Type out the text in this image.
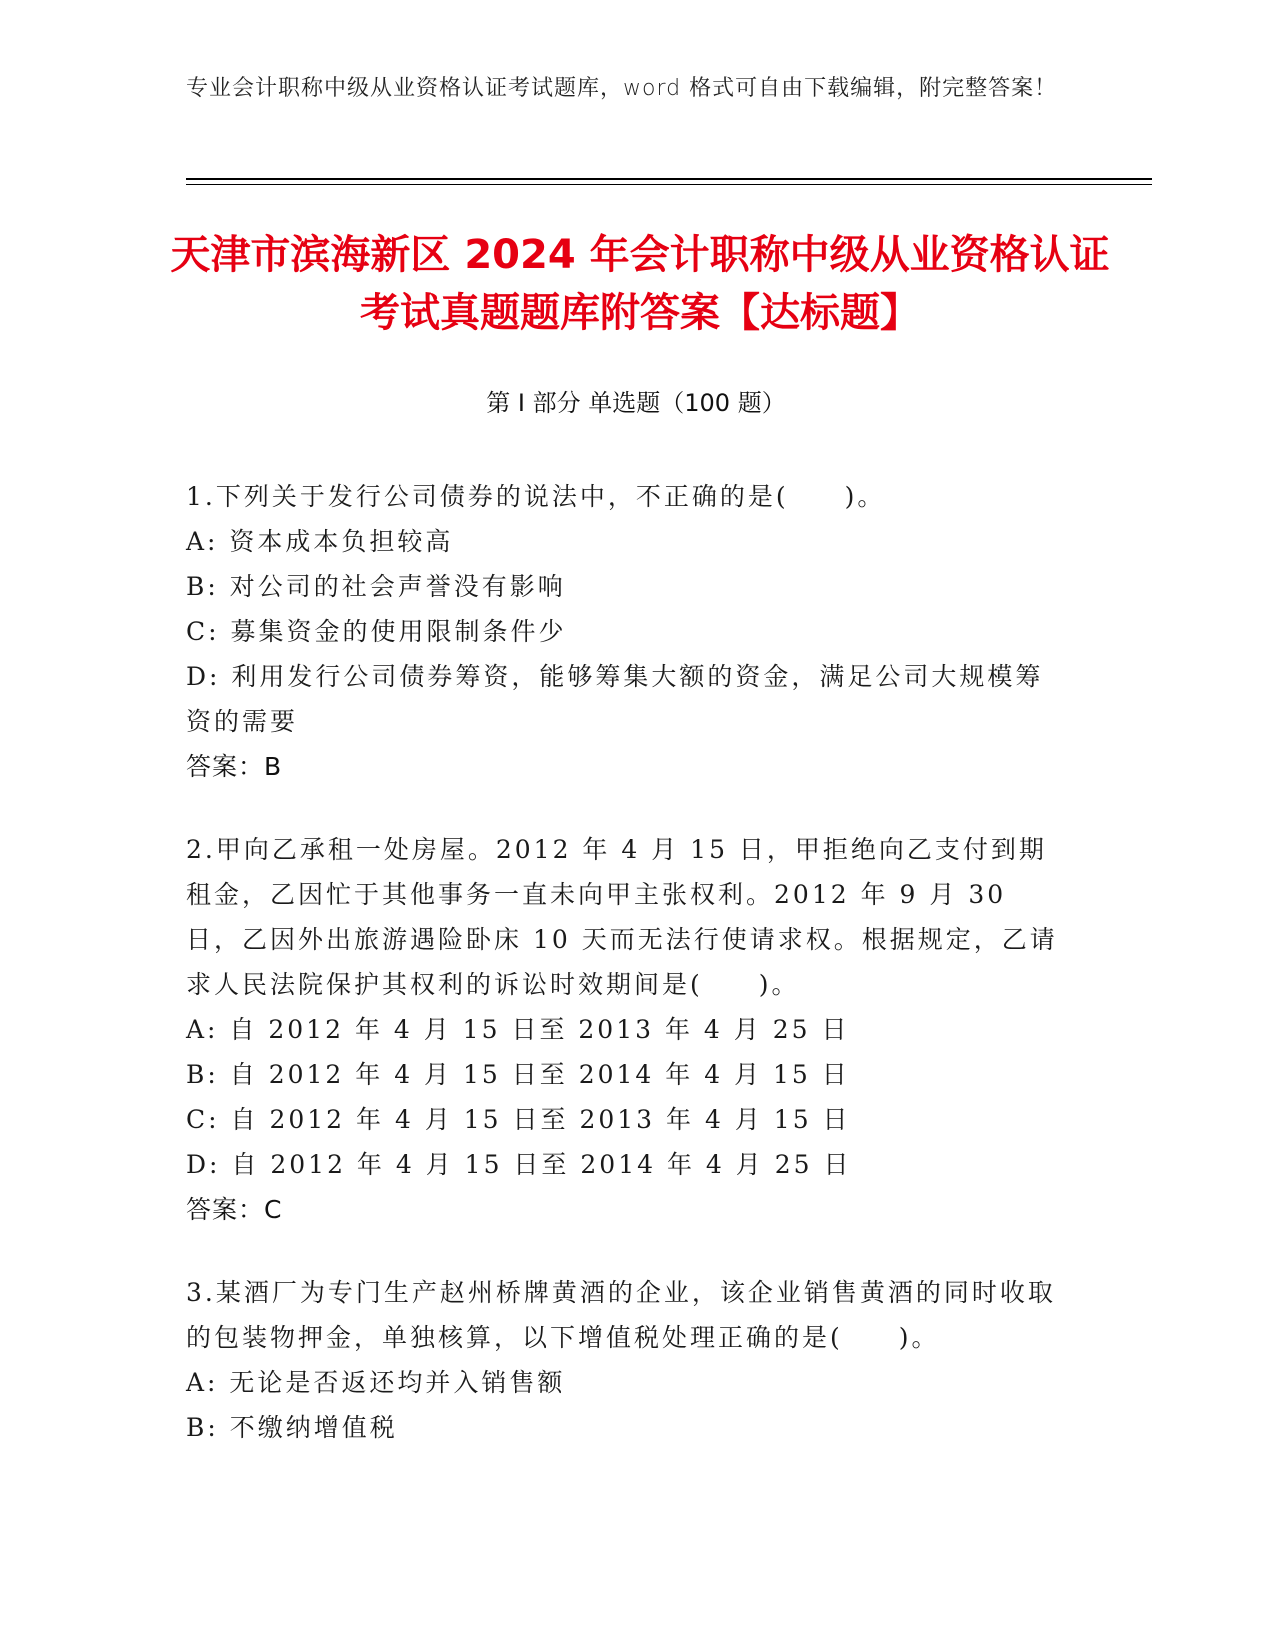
专业会计职称中级从业资格认证考试题库，word 格式可自由下载编辑，附完整答案！
天津市滨海新区 2024 年会计职称中级从业资格认证考试真题题库附答案【达标题】
第 I 部分 单选题（100 题）
1.下列关于发行公司债券的说法中，不正确的是(　　)。
A: 资本成本负担较高
B: 对公司的社会声誉没有影响
C: 募集资金的使用限制条件少
D: 利用发行公司债券筹资，能够筹集大额的资金，满足公司大规模筹资的需要
答案：B
2.甲向乙承租一处房屋。2012 年 4 月 15 日，甲拒绝向乙支付到期租金，乙因忙于其他事务一直未向甲主张权利。2012 年 9 月 30 日，乙因外出旅游遇险卧床 10 天而无法行使请求权。根据规定，乙请求人民法院保护其权利的诉讼时效期间是(　　)。
A: 自 2012 年 4 月 15 日至 2013 年 4 月 25 日
B: 自 2012 年 4 月 15 日至 2014 年 4 月 15 日
C: 自 2012 年 4 月 15 日至 2013 年 4 月 15 日
D: 自 2012 年 4 月 15 日至 2014 年 4 月 25 日
答案：C
3.某酒厂为专门生产赵州桥牌黄酒的企业，该企业销售黄酒的同时收取的包装物押金，单独核算，以下增值税处理正确的是(　　)。
A: 无论是否返还均并入销售额
B: 不缴纳增值税
